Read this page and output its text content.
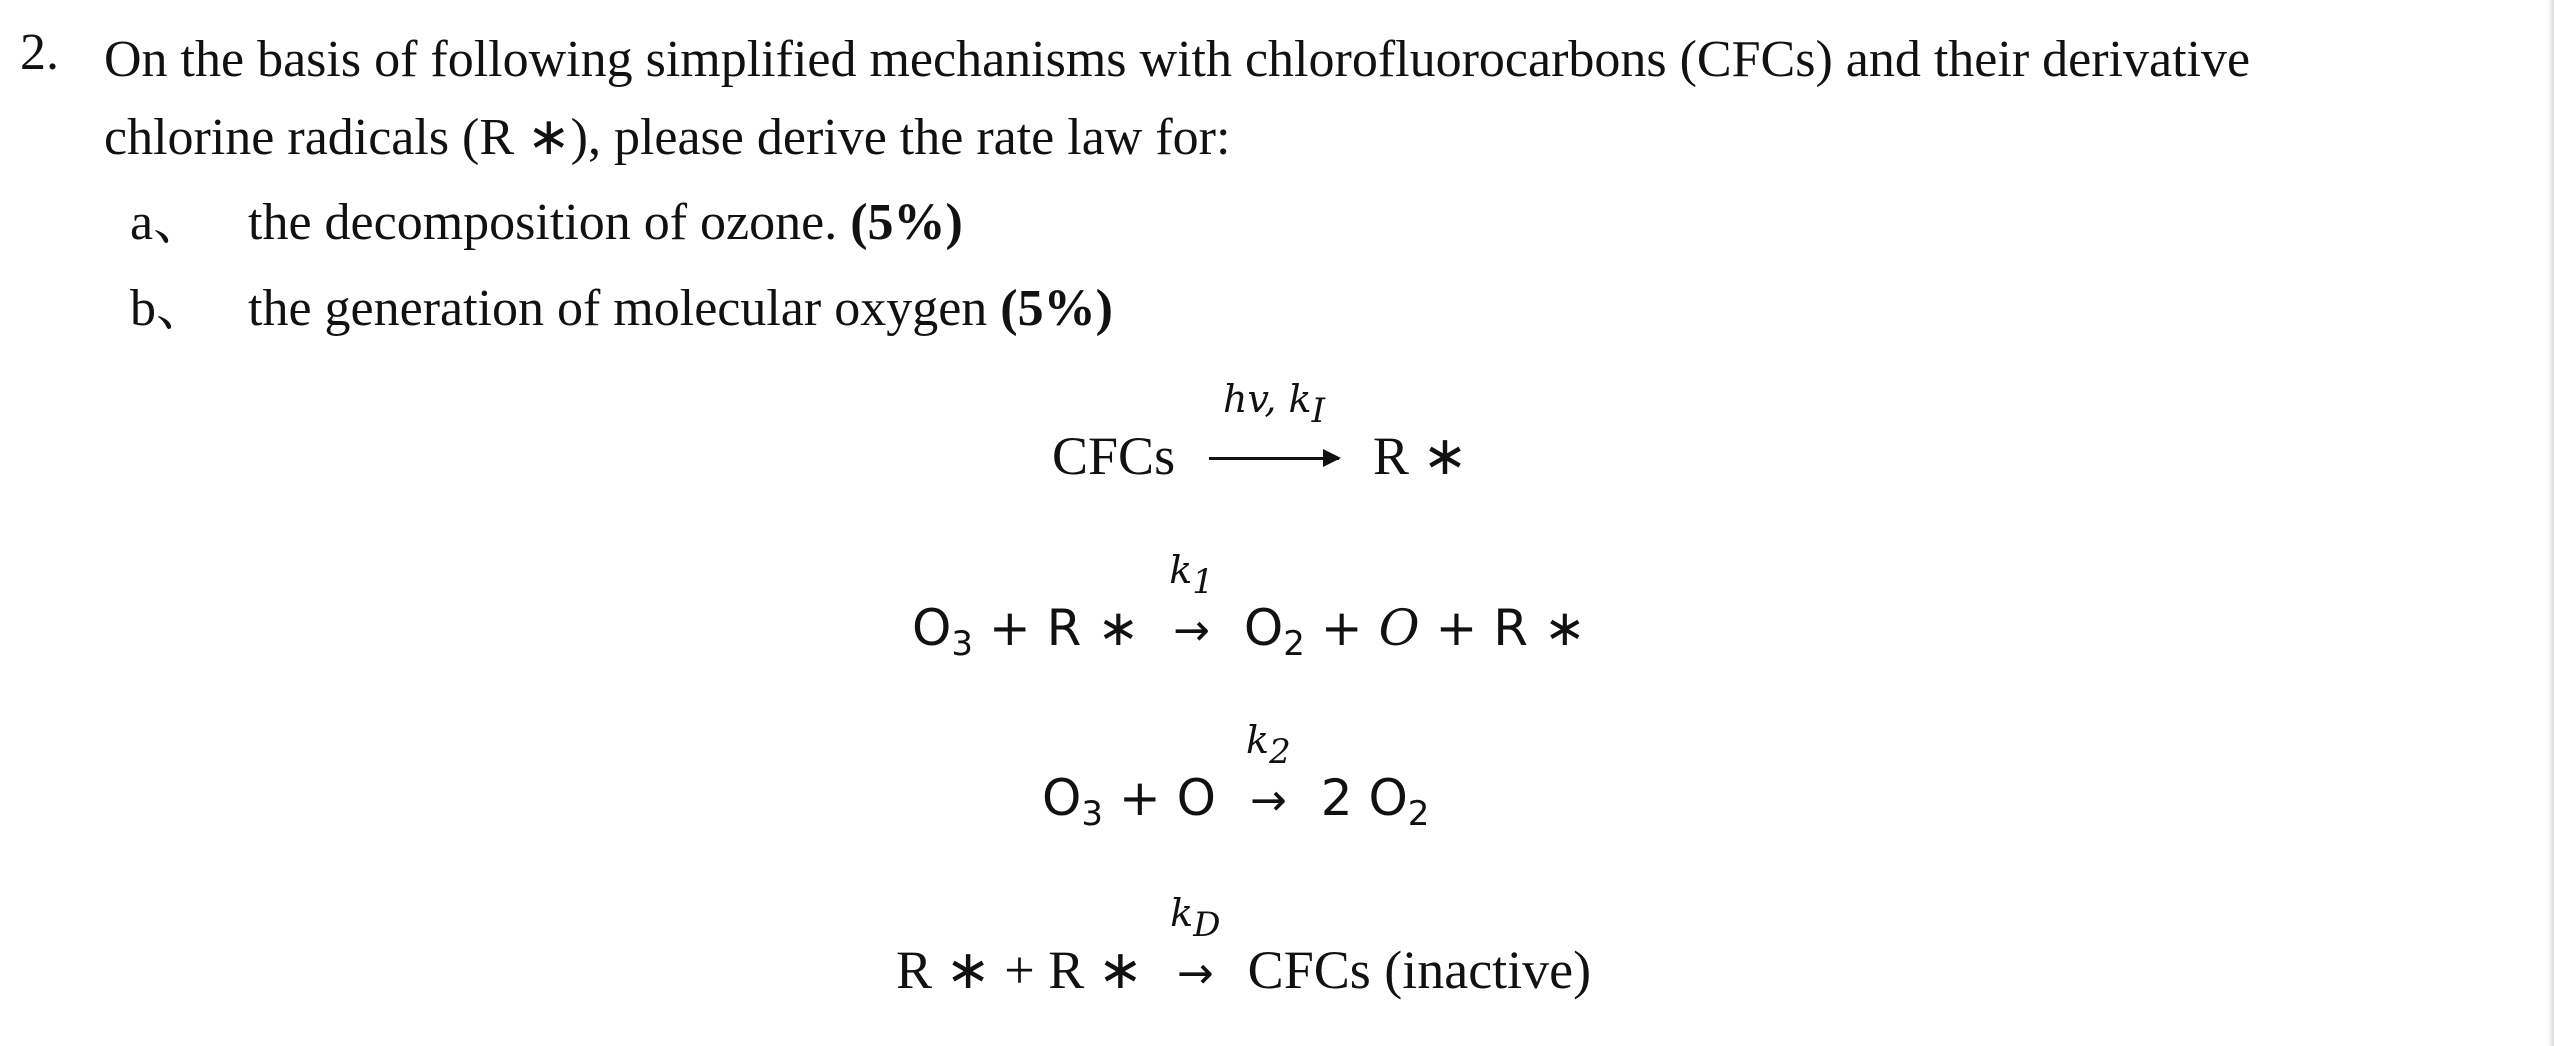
2. On the basis of following simplified mechanisms with chlorofluorocarbons (CFCs) and their derivative
chlorine radicals (R ∗), please derive the rate law for:
a、 the decomposition of ozone. (5%)
b、 the generation of molecular oxygen (5%)
CFCs
hv, $k_I$
R ∗
$O_3 + R$ ∗
$k_1$
→ $O_2 + O + R$ ∗
$O_3 + O$
$k_2$
→ 2 $O_2$
R ∗ + R ∗
$k_D$
→ CFCs (inactive)
